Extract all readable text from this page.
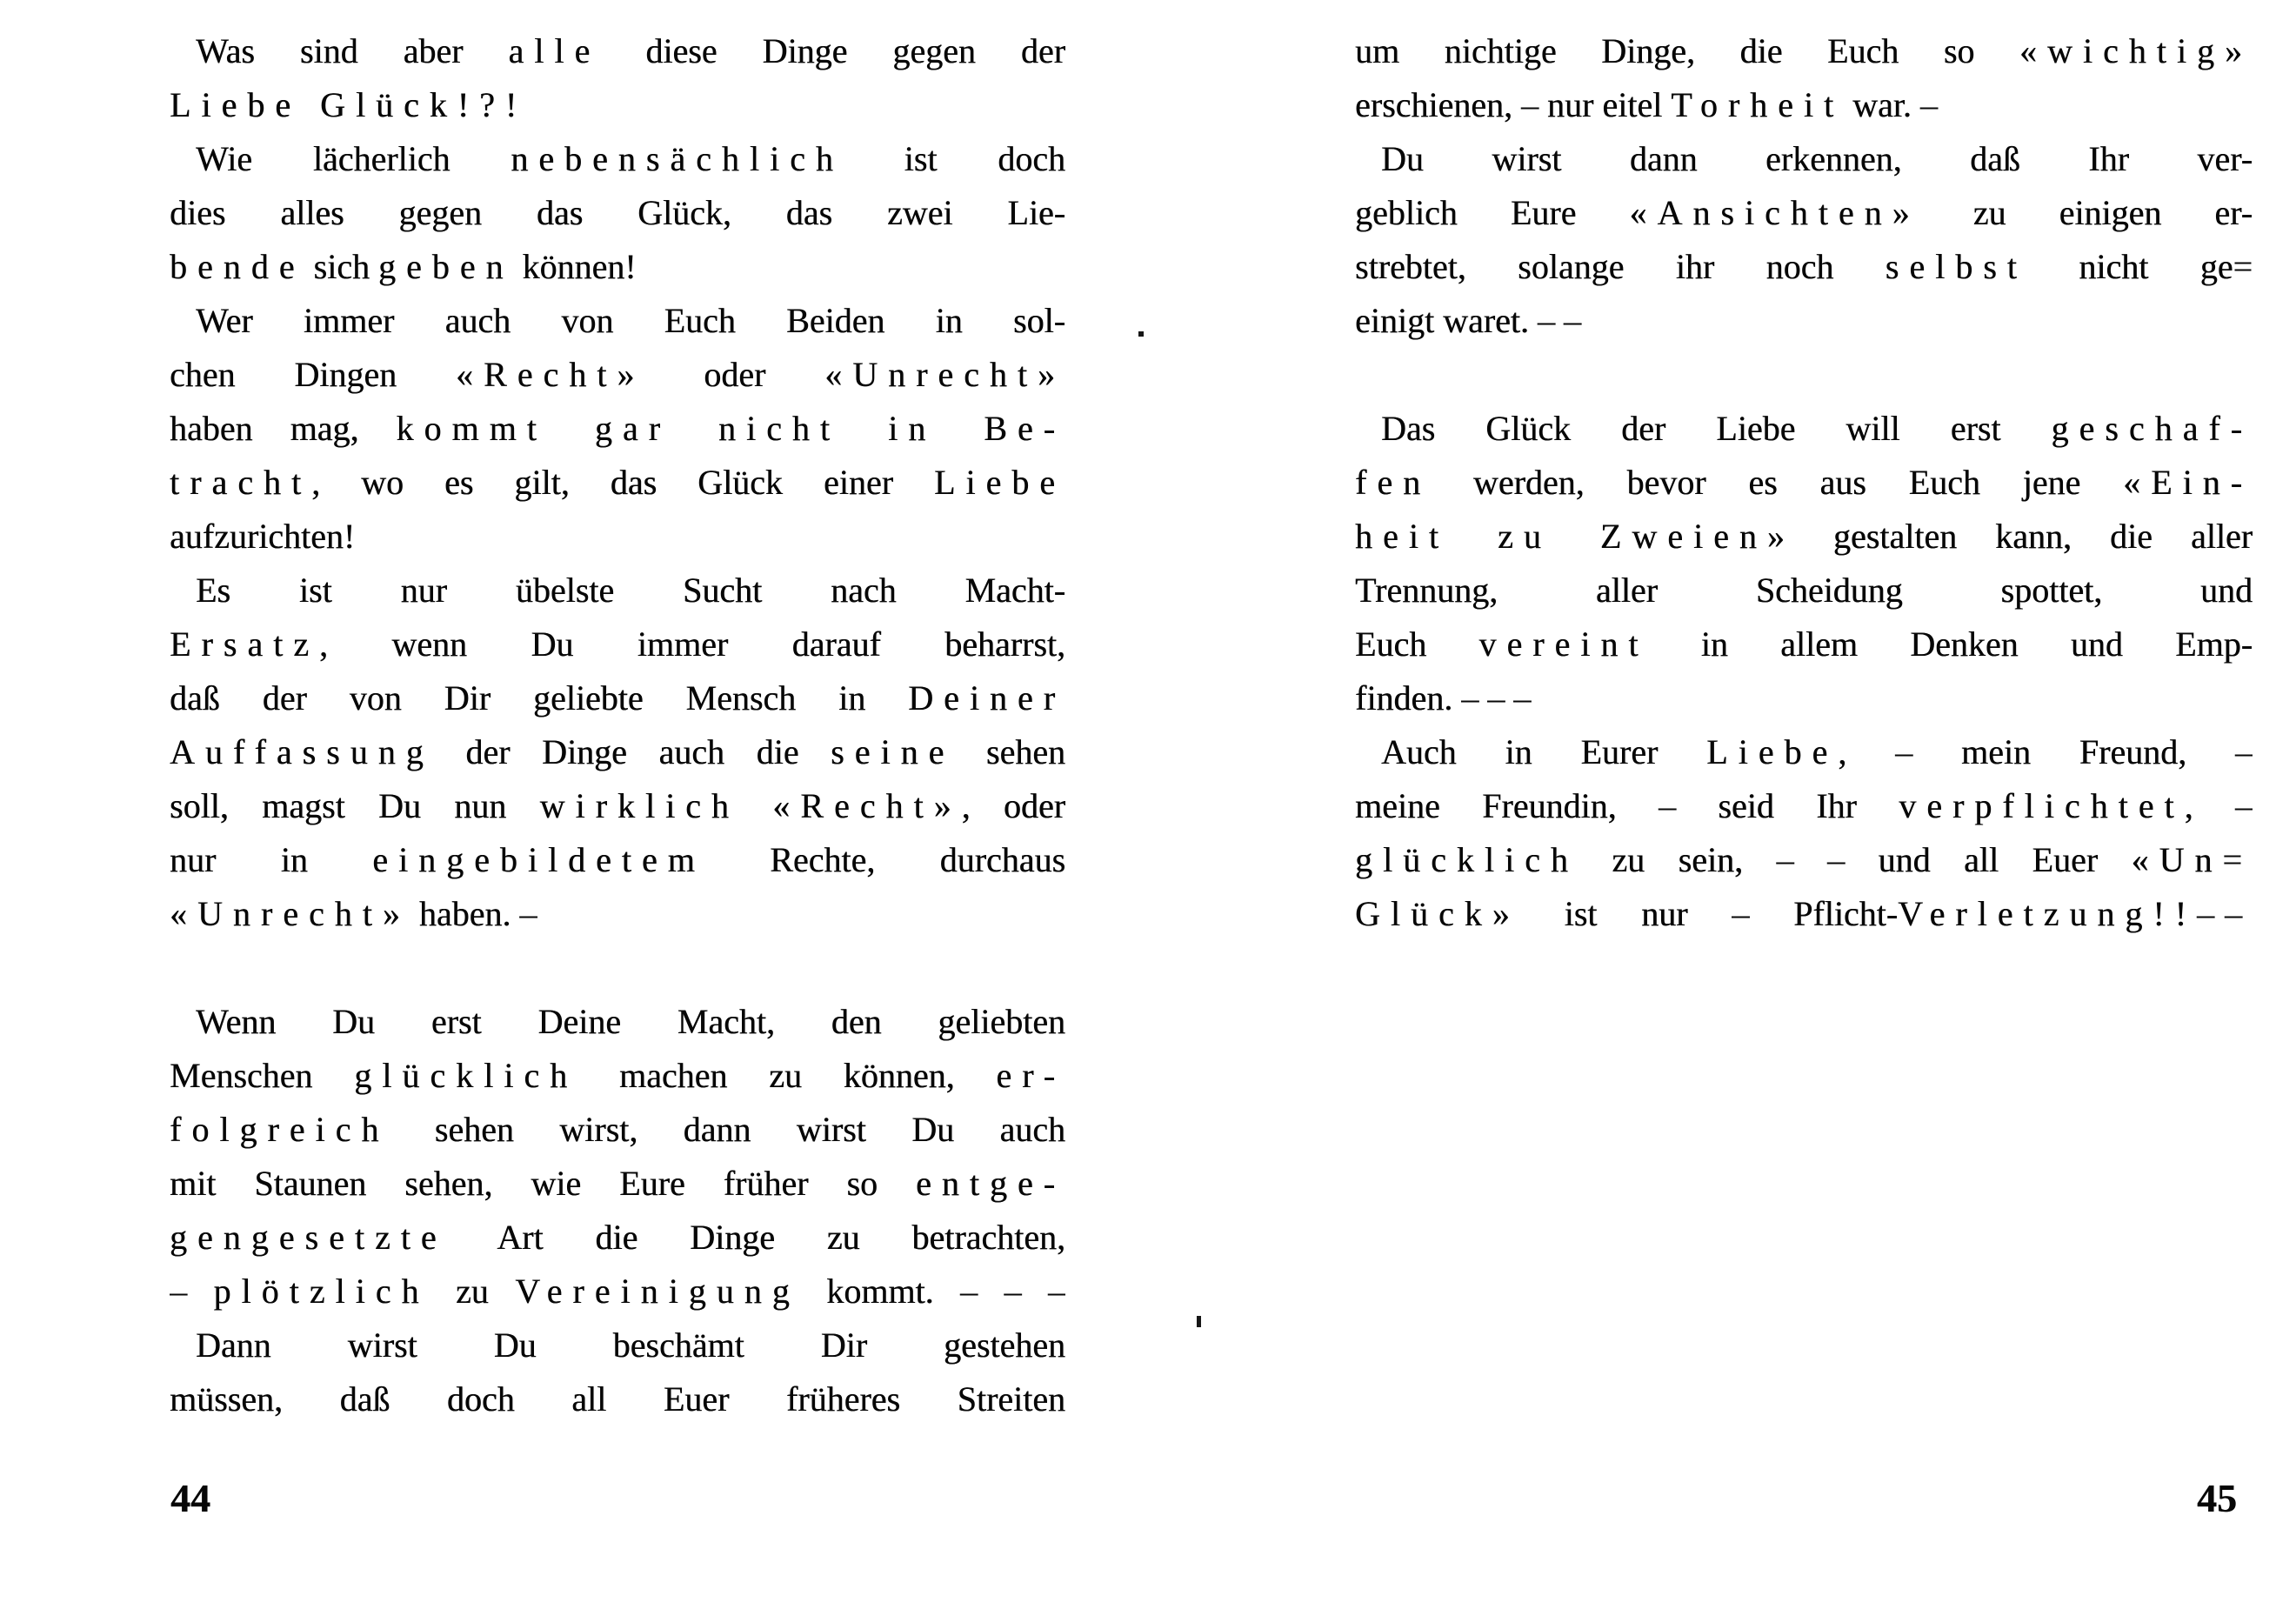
Was sind aber alle diese Dinge gegen der
Liebe Glück!?!
Wie lächerlich nebensächlich ist doch
dies alles gegen das Glück, das zwei Lie-
bende sich geben können!
Wer immer auch von Euch Beiden in sol-
chen Dingen «Recht» oder «Unrecht»
haben mag, kommt gar nicht in Be-
tracht, wo es gilt, das Glück einer Liebe
aufzurichten!
Es ist nur übelste Sucht nach Macht-
Ersatz, wenn Du immer darauf beharrst,
daß der von Dir geliebte Mensch in Deiner
Auffassung der Dinge auch die seine sehen
soll, magst Du nun wirklich «Recht», oder
nur in eingebildetem Rechte, durchaus
«Unrecht» haben. –
Wenn Du erst Deine Macht, den geliebten
Menschen glücklich machen zu können, er-
folgreich sehen wirst, dann wirst Du auch
mit Staunen sehen, wie Eure früher so entge-
gengesetzte Art die Dinge zu betrachten,
– plötzlich zu Vereinigung kommt. – – –
Dann wirst Du beschämt Dir gestehen
müssen, daß doch all Euer früheres Streiten
um nichtige Dinge, die Euch so «wichtig»
erschienen, – nur eitel Torheit war. –
Du wirst dann erkennen, daß Ihr ver-
geblich Eure «Ansichten» zu einigen er-
strebtet, solange ihr noch selbst nicht ge=
einigt waret. – –
Das Glück der Liebe will erst geschaf-
fen werden, bevor es aus Euch jene «Ein-
heit zu Zweien» gestalten kann, die aller
Trennung, aller Scheidung spottet, und
Euch vereint in allem Denken und Emp-
finden. – – –
Auch in Eurer Liebe, – mein Freund, –
meine Freundin, – seid Ihr verpflichtet, –
glücklich zu sein, – – und all Euer «Un=
Glück» ist nur – Pflicht-Verletzung!!––
44	45
